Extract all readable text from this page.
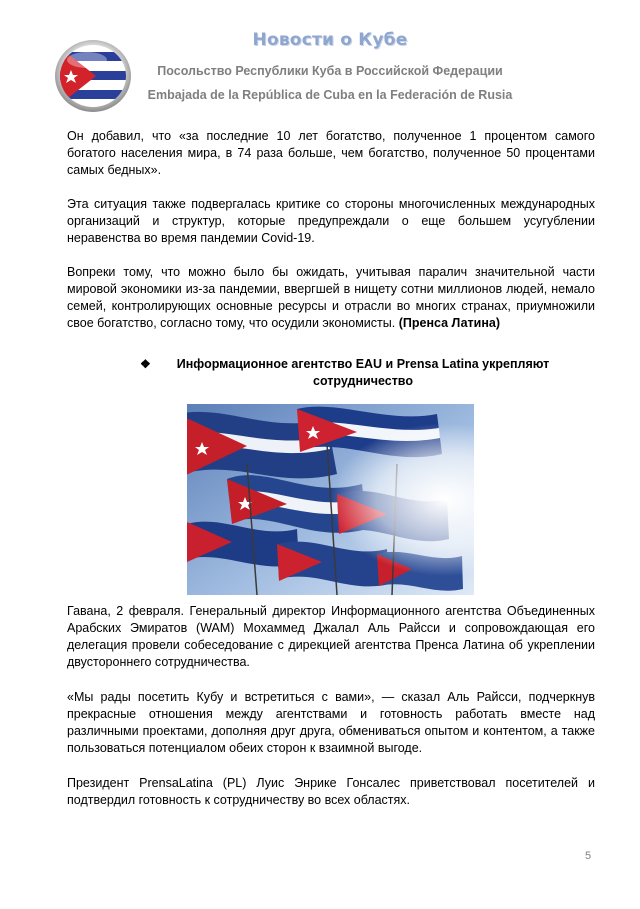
Новости о Кубе
Посольство Республики Куба в Российской Федерации
Embajada de la República de Cuba en la Federación de Rusia

Он добавил, что «за последние 10 лет богатство, полученное 1 процентом самого богатого населения мира, в 74 раза больше, чем богатство, полученное 50 процентами самых бедных».

Эта ситуация также подвергалась критике со стороны многочисленных международных организаций и структур, которые предупреждали о еще большем усугублении неравенства во время пандемии Covid-19.

Вопреки тому, что можно было бы ожидать, учитывая паралич значительной части мировой экономики из-за пандемии, ввергшей в нищету сотни миллионов людей, немало семей, контролирующих основные ресурсы и отрасли во многих странах, приумножили свое богатство, согласно тому, что осудили экономисты. (Пренса Латина)

❖	Информационное агентство EAU и Prensa Latina укрепляют сотрудничество

Гавана, 2 февраля. Генеральный директор Информационного агентства Объединенных Арабских Эмиратов (WAM) Мохаммед Джалал Аль Райсси и сопровождающая его делегация провели собеседование с дирекцией агентства Пренса Латина об укреплении двустороннего сотрудничества.

«Мы рады посетить Кубу и встретиться с вами», — сказал Аль Райсси, подчеркнув прекрасные отношения между агентствами и готовность работать вместе над различными проектами, дополняя друг друга, обмениваться опытом и контентом, а также пользоваться потенциалом обеих сторон к взаимной выгоде.

Президент PrensaLatina (PL) Луис Энрике Гонсалес приветствовал посетителей и подтвердил готовность к сотрудничеству во всех областях.

5
